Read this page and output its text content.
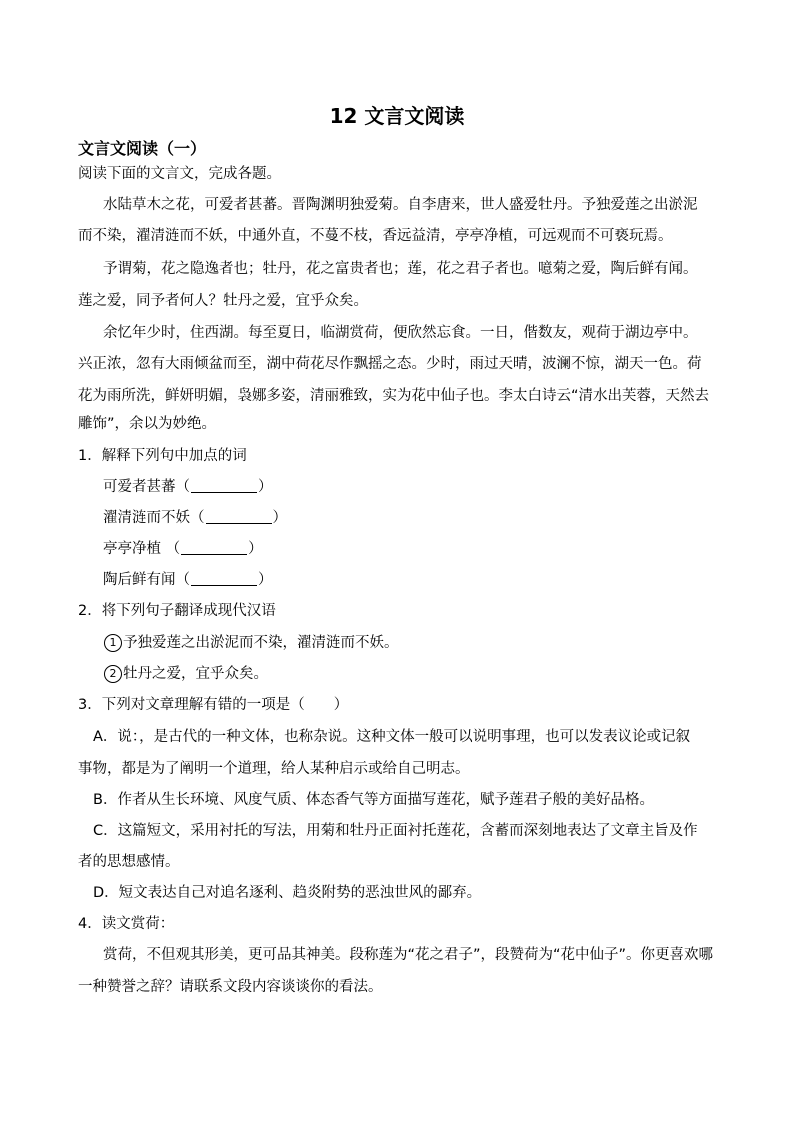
12 文言文阅读
文言文阅读（一）
阅读下面的文言文，完成各题。
水陆草木之花，可爱者甚蕃。晋陶渊明独爱菊。自李唐来，世人盛爱牡丹。予独爱莲之出淤泥
而不染，濯清涟而不妖，中通外直，不蔓不枝，香远益清，亭亭净植，可远观而不可亵玩焉。
予谓菊，花之隐逸者也；牡丹，花之富贵者也；莲，花之君子者也。噫菊之爱，陶后鲜有闻。
莲之爱，同予者何人？牡丹之爱，宜乎众矣。
余忆年少时，住西湖。每至夏日，临湖赏荷，便欣然忘食。一日，偕数友，观荷于湖边亭中。
兴正浓，忽有大雨倾盆而至，湖中荷花尽作飘摇之态。少时，雨过天晴，波澜不惊，湖天一色。荷
花为雨所洗，鲜妍明媚，袅娜多姿，清丽雅致，实为花中仙子也。李太白诗云“清水出芙蓉，天然去
雕饰”，余以为妙绝。
1．解释下列句中加点的词
可爱者甚蕃（	）
濯清涟而不妖（	）
亭亭净植 （	）
陶后鲜有闻（	）
2．将下列句子翻译成现代汉语
1 予独爱莲之出淤泥而不染，濯清涟而不妖。
2 牡丹之爱，宜乎众矣。
3．下列对文章理解有错的一项是（　　）
A．说：，是古代的一种文体，也称杂说。这种文体一般可以说明事理，也可以发表议论或记叙
事物，都是为了阐明一个道理，给人某种启示或给自己明志。
B．作者从生长环境、风度气质、体态香气等方面描写莲花，赋予莲君子般的美好品格。
C．这篇短文，采用衬托的写法，用菊和牡丹正面衬托莲花，含蓄而深刻地表达了文章主旨及作
者的思想感情。
D．短文表达自己对追名逐利、趋炎附势的恶浊世风的鄙弃。
4．读文赏荷：
赏荷，不但观其形美，更可品其神美。段称莲为“花之君子”，段赞荷为“花中仙子”。你更喜欢哪
一种赞誉之辞？请联系文段内容谈谈你的看法。
